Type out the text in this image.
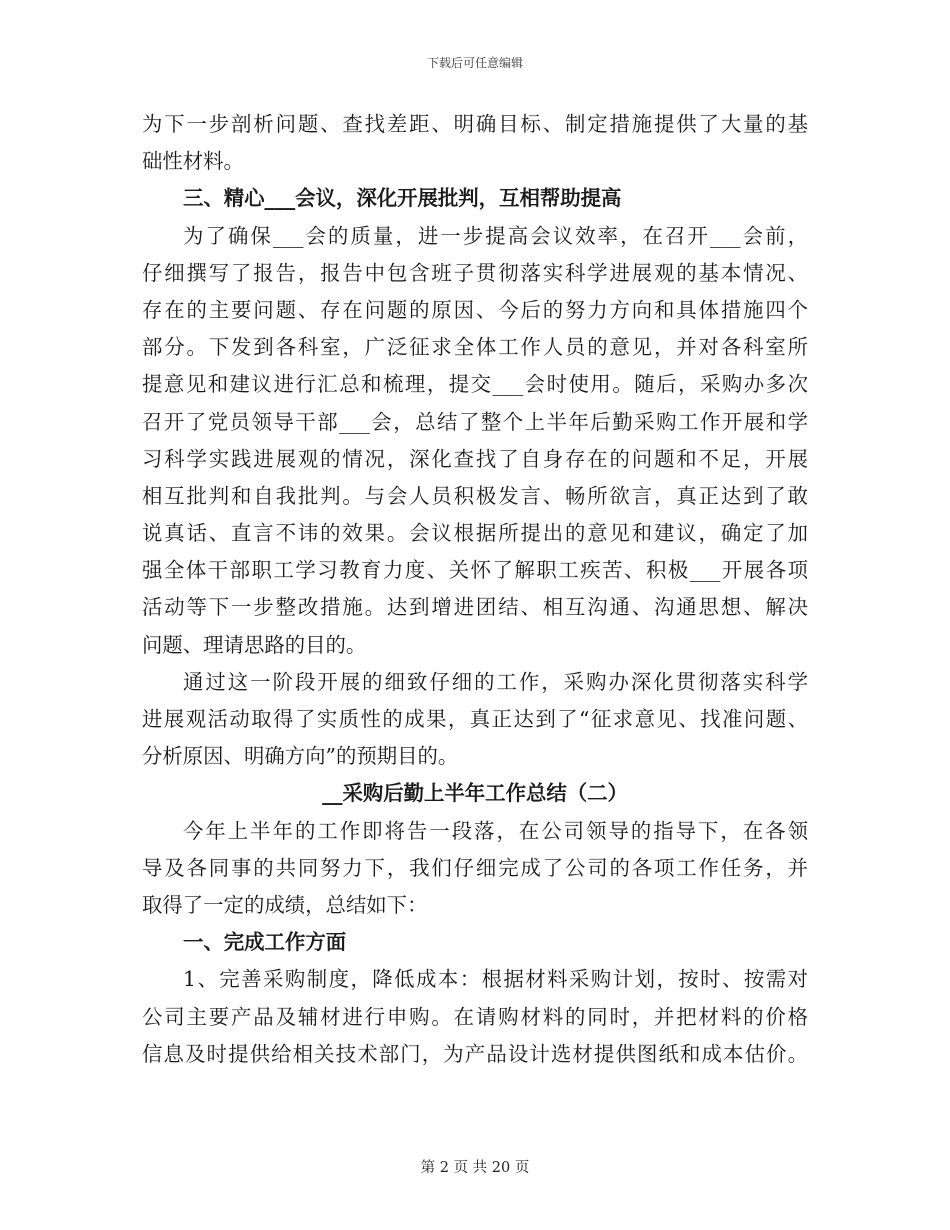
下载后可任意编辑
为下一步剖析问题、查找差距、明确目标、制定措施提供了大量的基
础性材料。
三、精心___会议，深化开展批判，互相帮助提高
为了确保___会的质量，进一步提高会议效率，在召开___会前，
仔细撰写了报告，报告中包含班子贯彻落实科学进展观的基本情况、
存在的主要问题、存在问题的原因、今后的努力方向和具体措施四个
部分。下发到各科室，广泛征求全体工作人员的意见，并对各科室所
提意见和建议进行汇总和梳理，提交___会时使用。随后，采购办多次
召开了党员领导干部___会，总结了整个上半年后勤采购工作开展和学
习科学实践进展观的情况，深化查找了自身存在的问题和不足，开展
相互批判和自我批判。与会人员积极发言、畅所欲言，真正达到了敢
说真话、直言不讳的效果。会议根据所提出的意见和建议，确定了加
强全体干部职工学习教育力度、关怀了解职工疾苦、积极___开展各项
活动等下一步整改措施。达到增进团结、相互沟通、沟通思想、解决
问题、理请思路的目的。
通过这一阶段开展的细致仔细的工作，采购办深化贯彻落实科学
进展观活动取得了实质性的成果，真正达到了“征求意见、找准问题、
分析原因、明确方向”的预期目的。
__采购后勤上半年工作总结（二）
今年上半年的工作即将告一段落，在公司领导的指导下，在各领
导及各同事的共同努力下，我们仔细完成了公司的各项工作任务，并
取得了一定的成绩，总结如下：
一、完成工作方面
1、完善采购制度，降低成本：根据材料采购计划，按时、按需对
公司主要产品及辅材进行申购。在请购材料的同时，并把材料的价格
信息及时提供给相关技术部门，为产品设计选材提供图纸和成本估价。
第 2 页 共 20 页
